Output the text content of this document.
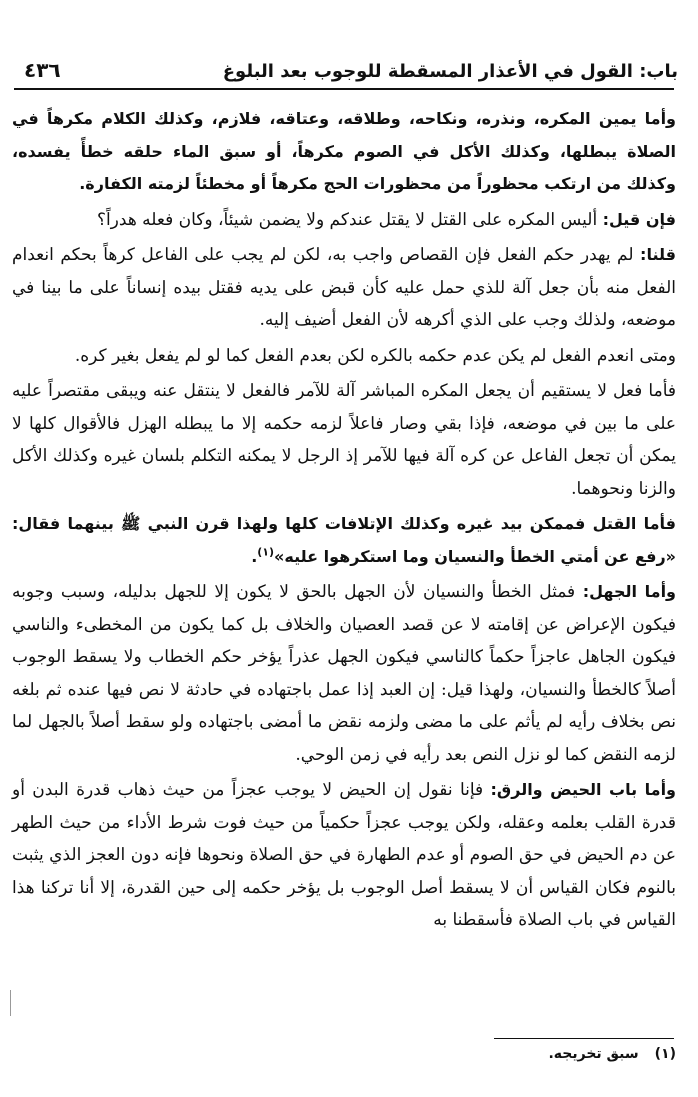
باب: القول في الأعذار المسقطة للوجوب بعد البلوغ
٤٣٦

وأما يمين المكره، ونذره، ونكاحه، وطلاقه، وعتاقه، فلازم، وكذلك الكلام مكرهاً في الصلاة يبطلها، وكذلك الأكل في الصوم مكرهاً، أو سبق الماء حلقه خطأً يفسده، وكذلك من ارتكب محظوراً من محظورات الحج مكرهاً أو مخطئاً لزمته الكفارة.

فإن قيل: أليس المكره على القتل لا يقتل عندكم ولا يضمن شيئاً، وكان فعله هدراً؟

قلنا: لم يهدر حكم الفعل فإن القصاص واجب به، لكن لم يجب على الفاعل كرهاً بحكم انعدام الفعل منه بأن جعل آلة للذي حمل عليه كأن قبض على يديه فقتل بيده إنساناً على ما بينا في موضعه، ولذلك وجب على الذي أكرهه لأن الفعل أضيف إليه.

ومتى انعدم الفعل لم يكن عدم حكمه بالكره لكن بعدم الفعل كما لو لم يفعل بغير كره.

فأما فعل لا يستقيم أن يجعل المكره المباشر آلة للآمر فالفعل لا ينتقل عنه ويبقى مقتصراً عليه على ما بين في موضعه، فإذا بقي وصار فاعلاً لزمه حكمه إلا ما يبطله الهزل فالأقوال كلها لا يمكن أن تجعل الفاعل عن كره آلة فيها للآمر إذ الرجل لا يمكنه التكلم بلسان غيره وكذلك الأكل والزنا ونحوهما.

فأما القتل فممكن بيد غيره وكذلك الإتلافات كلها ولهذا قرن النبي ﷺ بينهما فقال: «رفع عن أمتي الخطأ والنسيان وما استكرهوا عليه»$^{(١)}$.

وأما الجهل: فمثل الخطأ والنسيان لأن الجهل بالحق لا يكون إلا للجهل بدليله، وسبب وجوبه فيكون الإعراض عن إقامته لا عن قصد العصيان والخلاف بل كما يكون من المخطىء والناسي فيكون الجاهل عاجزاً حكماً كالناسي فيكون الجهل عذراً يؤخر حكم الخطاب ولا يسقط الوجوب أصلاً كالخطأ والنسيان، ولهذا قيل: إن العبد إذا عمل باجتهاده في حادثة لا نص فيها عنده ثم بلغه نص بخلاف رأيه لم يأثم على ما مضى ولزمه نقض ما أمضى باجتهاده ولو سقط أصلاً بالجهل لما لزمه النقض كما لو نزل النص بعد رأيه في زمن الوحي.

وأما باب الحيض والرق: فإنا نقول إن الحيض لا يوجب عجزاً من حيث ذهاب قدرة البدن أو قدرة القلب بعلمه وعقله، ولكن يوجب عجزاً حكمياً من حيث فوت شرط الأداء من حيث الطهر عن دم الحيض في حق الصوم أو عدم الطهارة في حق الصلاة ونحوها فإنه دون العجز الذي يثبت بالنوم فكان القياس أن لا يسقط أصل الوجوب بل يؤخر حكمه إلى حين القدرة، إلا أنا تركنا هذا القياس في باب الصلاة فأسقطنا به

(١)سبق تخريجه.
